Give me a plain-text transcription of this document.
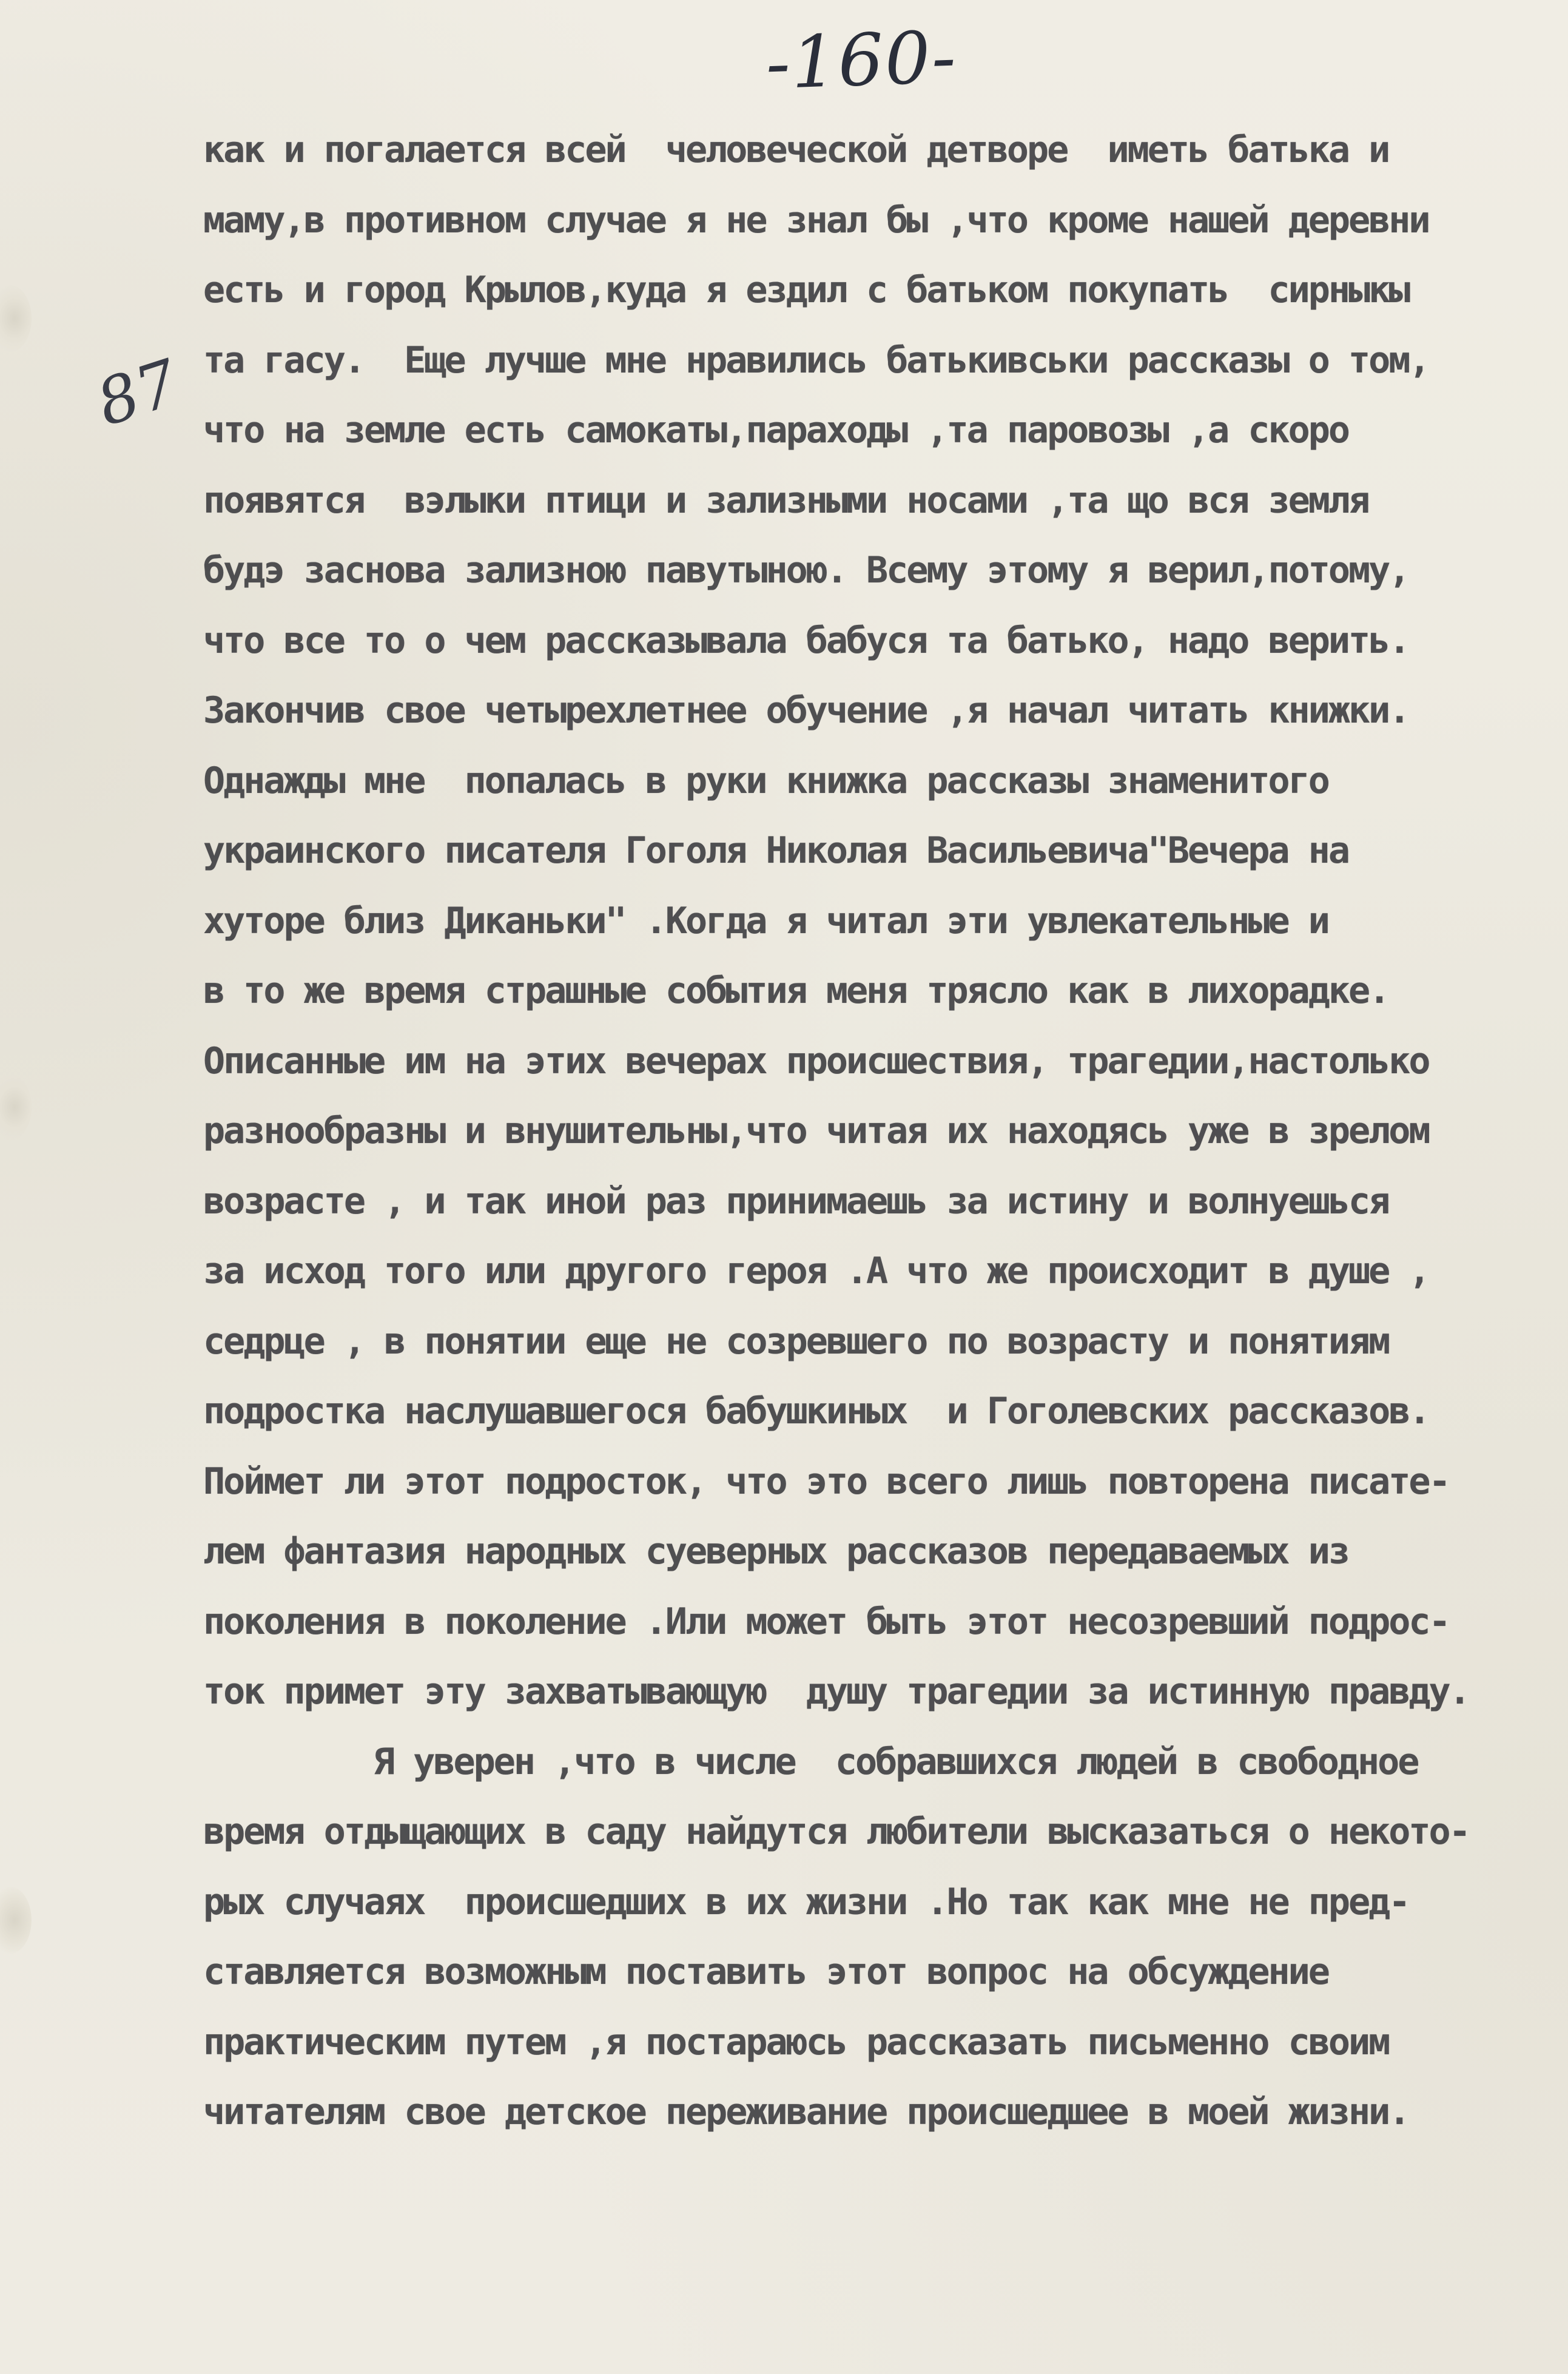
-160-
87
как и погалается всей  человеческой детворе  иметь батька и
маму,в противном случае я не знал бы ,что кроме нашей деревни
есть и город Крылов,куда я ездил с батьком покупать  сирныкы
та гасу.  Еще лучше мне нравились батькивськи рассказы о том,
что на земле есть самокаты,параходы ,та паровозы ,а скоро
появятся  вэлыки птици и зализными носами ,та що вся земля
будэ заснова зализною павутыною. Всему этому я верил,потому,
что все то о чем рассказывала бабуся та батько, надо верить.
Закончив свое четырехлетнее обучение ,я начал читать книжки.
Однажды мне  попалась в руки книжка рассказы знаменитого
украинского писателя Гоголя Николая Васильевича"Вечера на
хуторе близ Диканьки" .Когда я читал эти увлекательные и
в то же время страшные события меня трясло как в лихорадке.
Описанные им на этих вечерах происшествия, трагедии,настолько
разнообразны и внушительны,что читая их находясь уже в зрелом
возрасте , и так иной раз принимаешь за истину и волнуешься
за исход того или другого героя .А что же происходит в душе ,
седрце , в понятии еще не созревшего по возрасту и понятиям
подростка наслушавшегося бабушкиных  и Гоголевских рассказов.
Поймет ли этот подросток, что это всего лишь повторена писате-
лем фантазия народных суеверных рассказов передаваемых из
поколения в поколение .Или может быть этот несозревший подрос-
ток примет эту захватывающую  душу трагедии за истинную правду.
Я уверен ,что в числе  собравшихся людей в свободное
время отдыщающих в саду найдутся любители высказаться о некото-
рых случаях  происшедших в их жизни .Но так как мне не пред-
ставляется возможным поставить этот вопрос на обсуждение
практическим путем ,я постараюсь рассказать письменно своим
читателям свое детское переживание происшедшее в моей жизни.
